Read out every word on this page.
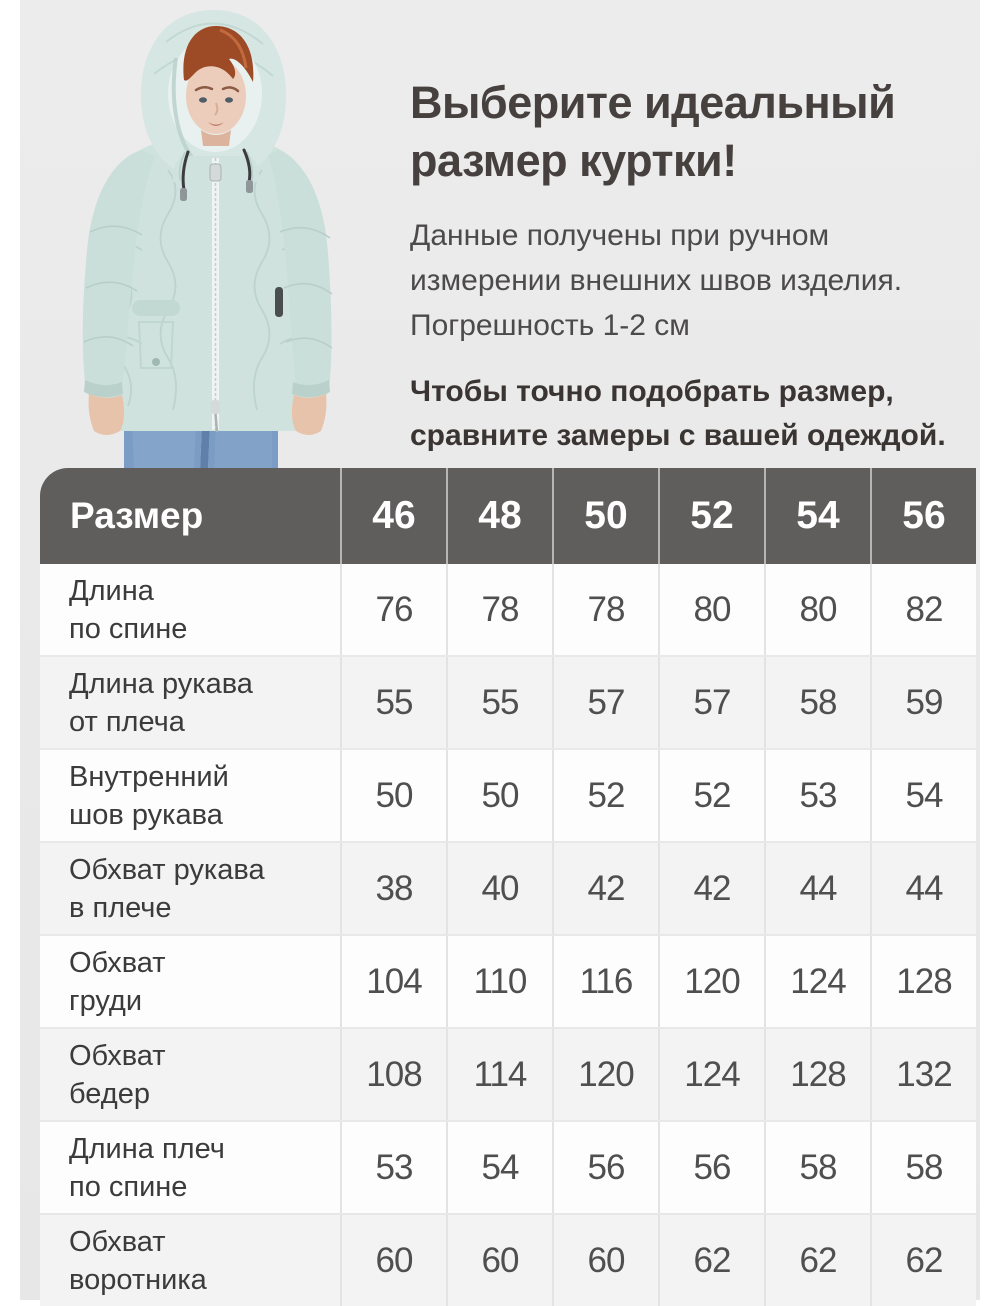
Выберите идеальный размер куртки!

Данные получены при ручном измерении внешних швов изделия. Погрешность 1-2 см

Чтобы точно подобрать размер, сравните замеры с вашей одеждой.

Размер	46	48	50	52	54	56
Длина
по спине	76	78	78	80	80	82
Длина рукава
от плеча	55	55	57	57	58	59
Внутренний
шов рукава	50	50	52	52	53	54
Обхват рукава
в плече	38	40	42	42	44	44
Обхват
груди	104	110	116	120	124	128
Обхват
бедер	108	114	120	124	128	132
Длина плеч
по спине	53	54	56	56	58	58
Обхват
воротника	60	60	60	62	62	62
